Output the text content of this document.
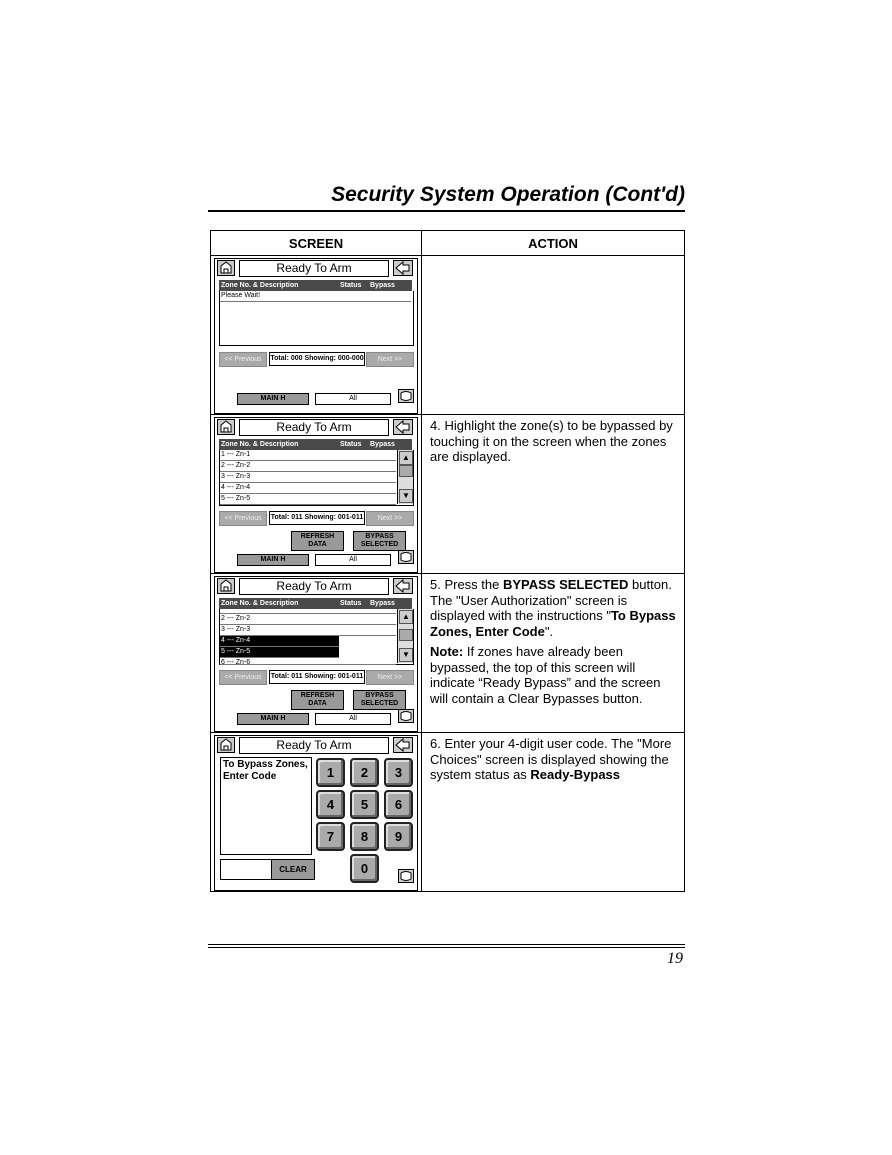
Security System Operation (Cont'd)
SCREEN	ACTION
Ready To Arm
Zone No. & Description	Status Bypass
Please Wait!
<< Previous	Total: 000 Showing: 000-000	Next >>
MAIN H	All
Ready To Arm
Zone No. & Description	Status Bypass
1 --- Zn-1
2 --- Zn-2
3 --- Zn-3
4 --- Zn-4
5 --- Zn-5
▲
▼
<< Previous	Total: 011 Showing: 001-011	Next >>
REFRESH
DATA
BYPASS
SELECTED
MAIN H	All

4. Highlight the zone(s) to be bypassed by touching it on the screen when the zones are displayed.

Ready To Arm
Zone No. & Description	Status Bypass
2 --- Zn-2
3 --- Zn-3
4 --- Zn-4
5 --- Zn-5
6 --- Zn-6
▲
▼
<< Previous	Total: 011 Showing: 001-011	Next >>
REFRESH
DATA
BYPASS
SELECTED
MAIN H	All

5. Press the BYPASS SELECTED button. The "User Authorization" screen is displayed with the instructions "To Bypass Zones, Enter Code".

Note: If zones have already been bypassed, the top of this screen will indicate “Ready Bypass” and the screen will contain a Clear Bypasses button.

Ready To Arm
To Bypass Zones,
Enter Code	1	2	3
4	5	6
7	8	9
0
CLEAR

6. Enter your 4-digit user code. The "More Choices" screen is displayed showing the system status as Ready-Bypass

19
